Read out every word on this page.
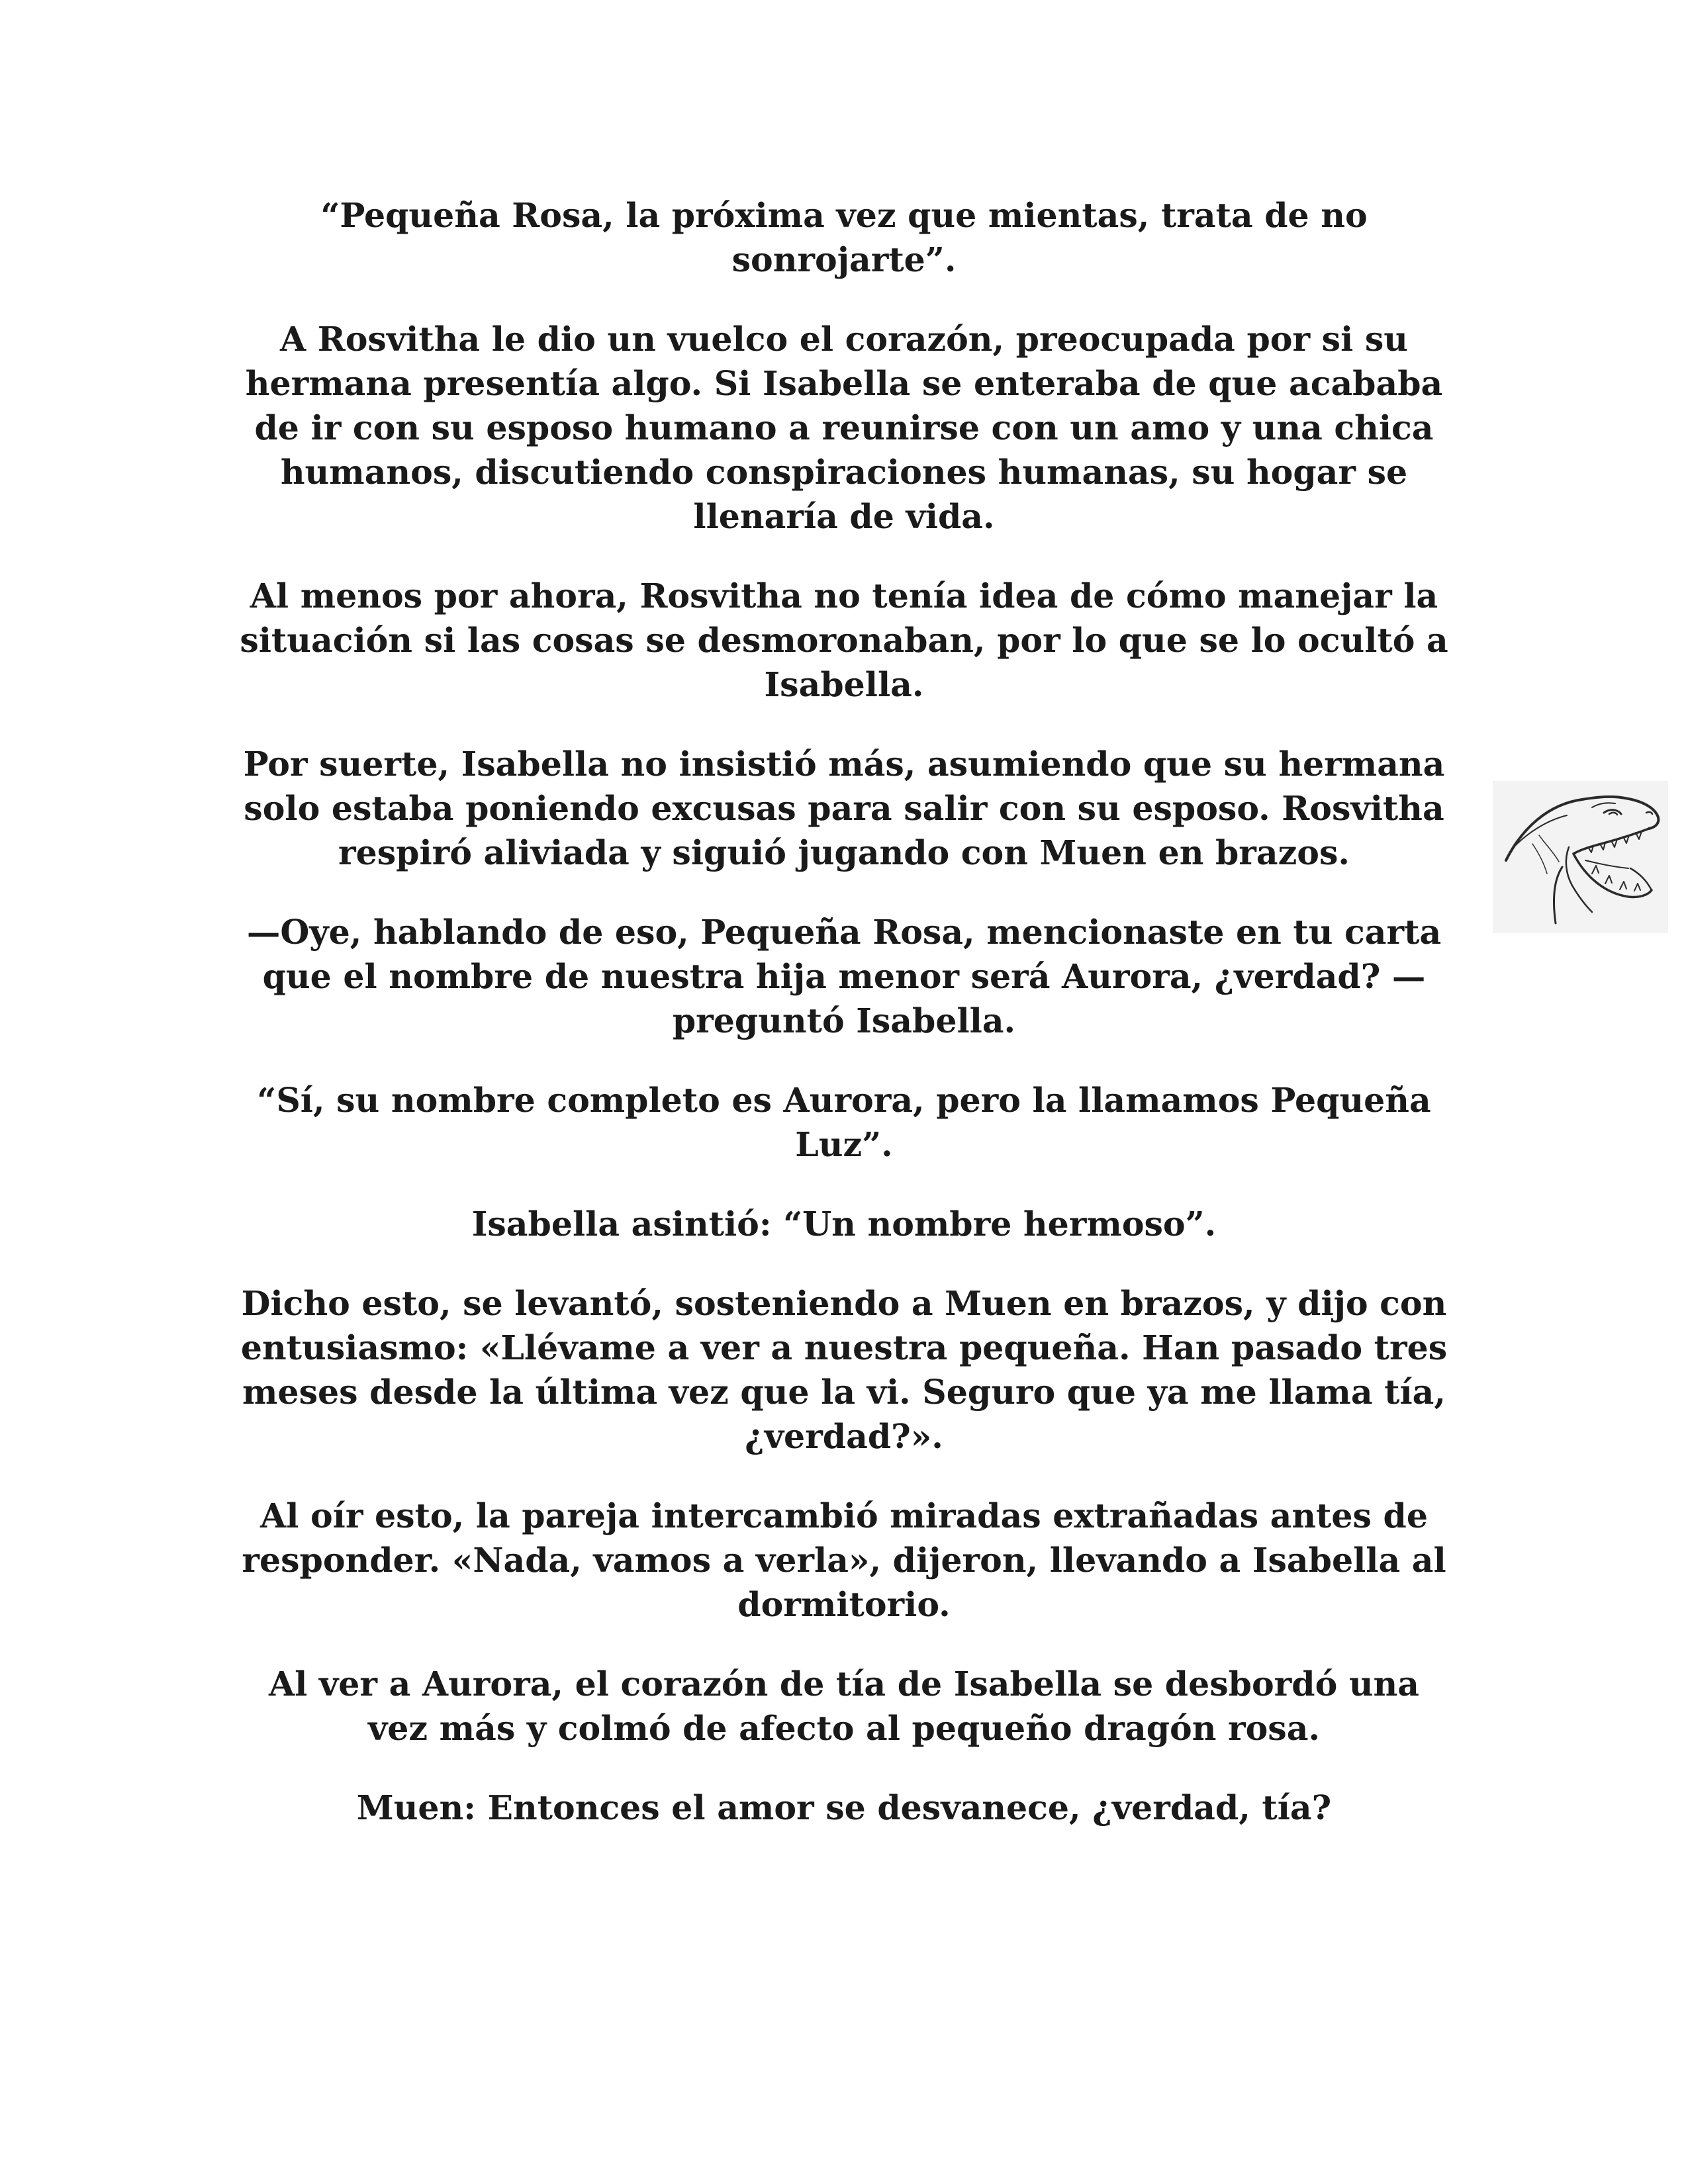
“Pequeña Rosa, la próxima vez que mientas, trata de no sonrojarte”.

A Rosvitha le dio un vuelco el corazón, preocupada por si su hermana presentía algo. Si Isabella se enteraba de que acababa de ir con su esposo humano a reunirse con un amo y una chica humanos, discutiendo conspiraciones humanas, su hogar se llenaría de vida.

Al menos por ahora, Rosvitha no tenía idea de cómo manejar la situación si las cosas se desmoronaban, por lo que se lo ocultó a Isabella.

Por suerte, Isabella no insistió más, asumiendo que su hermana solo estaba poniendo excusas para salir con su esposo. Rosvitha respiró aliviada y siguió jugando con Muen en brazos.

—Oye, hablando de eso, Pequeña Rosa, mencionaste en tu carta que el nombre de nuestra hija menor será Aurora, ¿verdad? —preguntó Isabella.

“Sí, su nombre completo es Aurora, pero la llamamos Pequeña Luz”.

Isabella asintió: “Un nombre hermoso”.

Dicho esto, se levantó, sosteniendo a Muen en brazos, y dijo con entusiasmo: «Llévame a ver a nuestra pequeña. Han pasado tres meses desde la última vez que la vi. Seguro que ya me llama tía, ¿verdad?».

Al oír esto, la pareja intercambió miradas extrañadas antes de responder. «Nada, vamos a verla», dijeron, llevando a Isabella al dormitorio.

Al ver a Aurora, el corazón de tía de Isabella se desbordó una vez más y colmó de afecto al pequeño dragón rosa.

Muen: Entonces el amor se desvanece, ¿verdad, tía?
